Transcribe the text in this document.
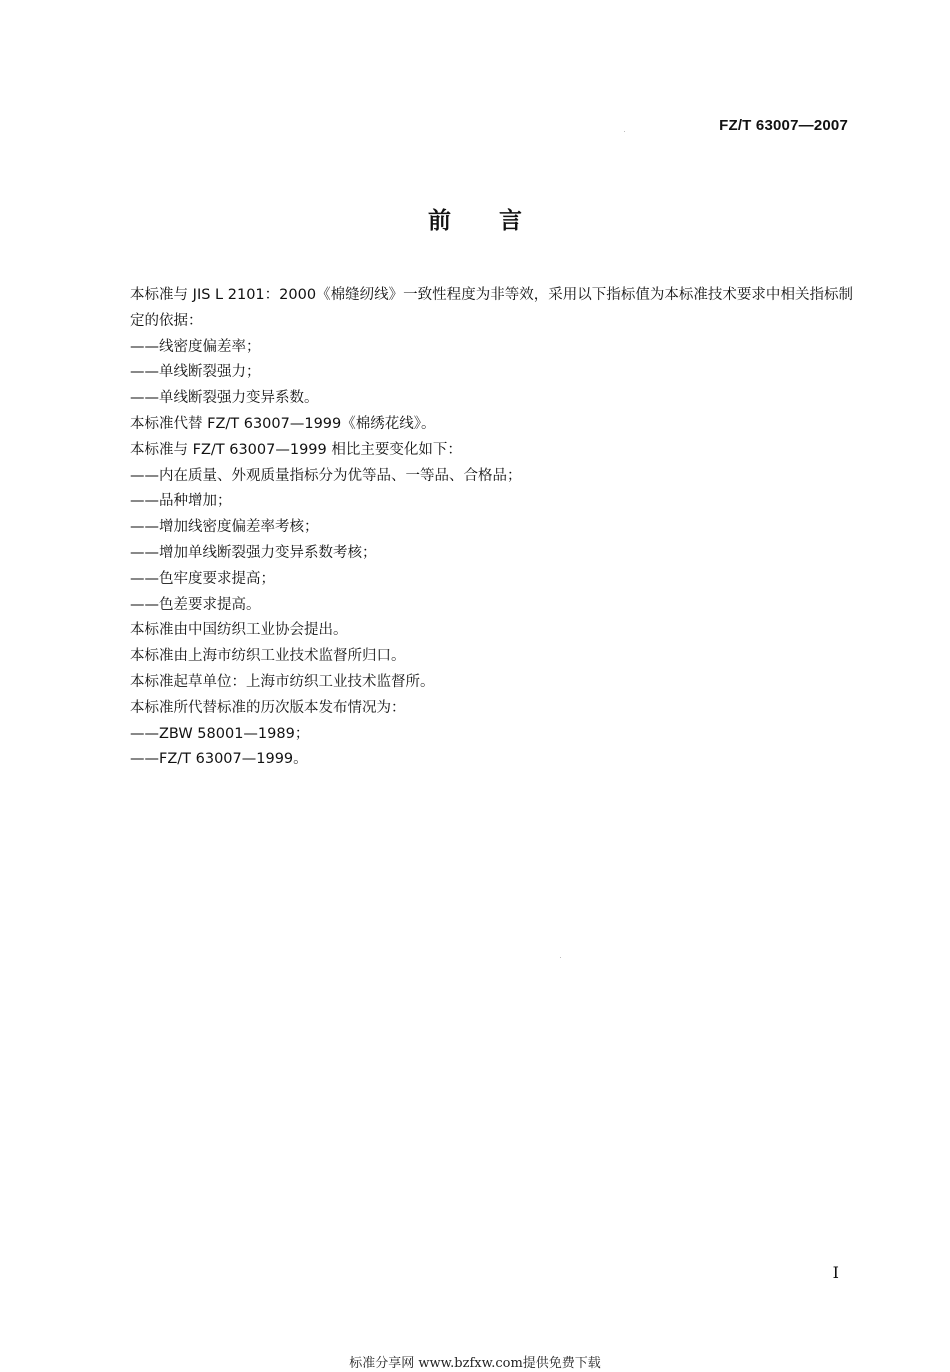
FZ/T 63007—2007
前言

本标准与 JIS L 2101：2000《棉缝纫线》一致性程度为非等效，采用以下指标值为本标准技术要求中相关指标制定的依据：

——线密度偏差率；

——单线断裂强力；

——单线断裂强力变异系数。

本标准代替 FZ/T 63007—1999《棉绣花线》。

本标准与 FZ/T 63007—1999 相比主要变化如下：

——内在质量、外观质量指标分为优等品、一等品、合格品；

——品种增加；

——增加线密度偏差率考核；

——增加单线断裂强力变异系数考核；

——色牢度要求提高；

——色差要求提高。

本标准由中国纺织工业协会提出。

本标准由上海市纺织工业技术监督所归口。

本标准起草单位：上海市纺织工业技术监督所。

本标准所代替标准的历次版本发布情况为：

——ZBW 58001—1989；

——FZ/T 63007—1999。

I
标准分享网 www.bzfxw.com提供免费下载
